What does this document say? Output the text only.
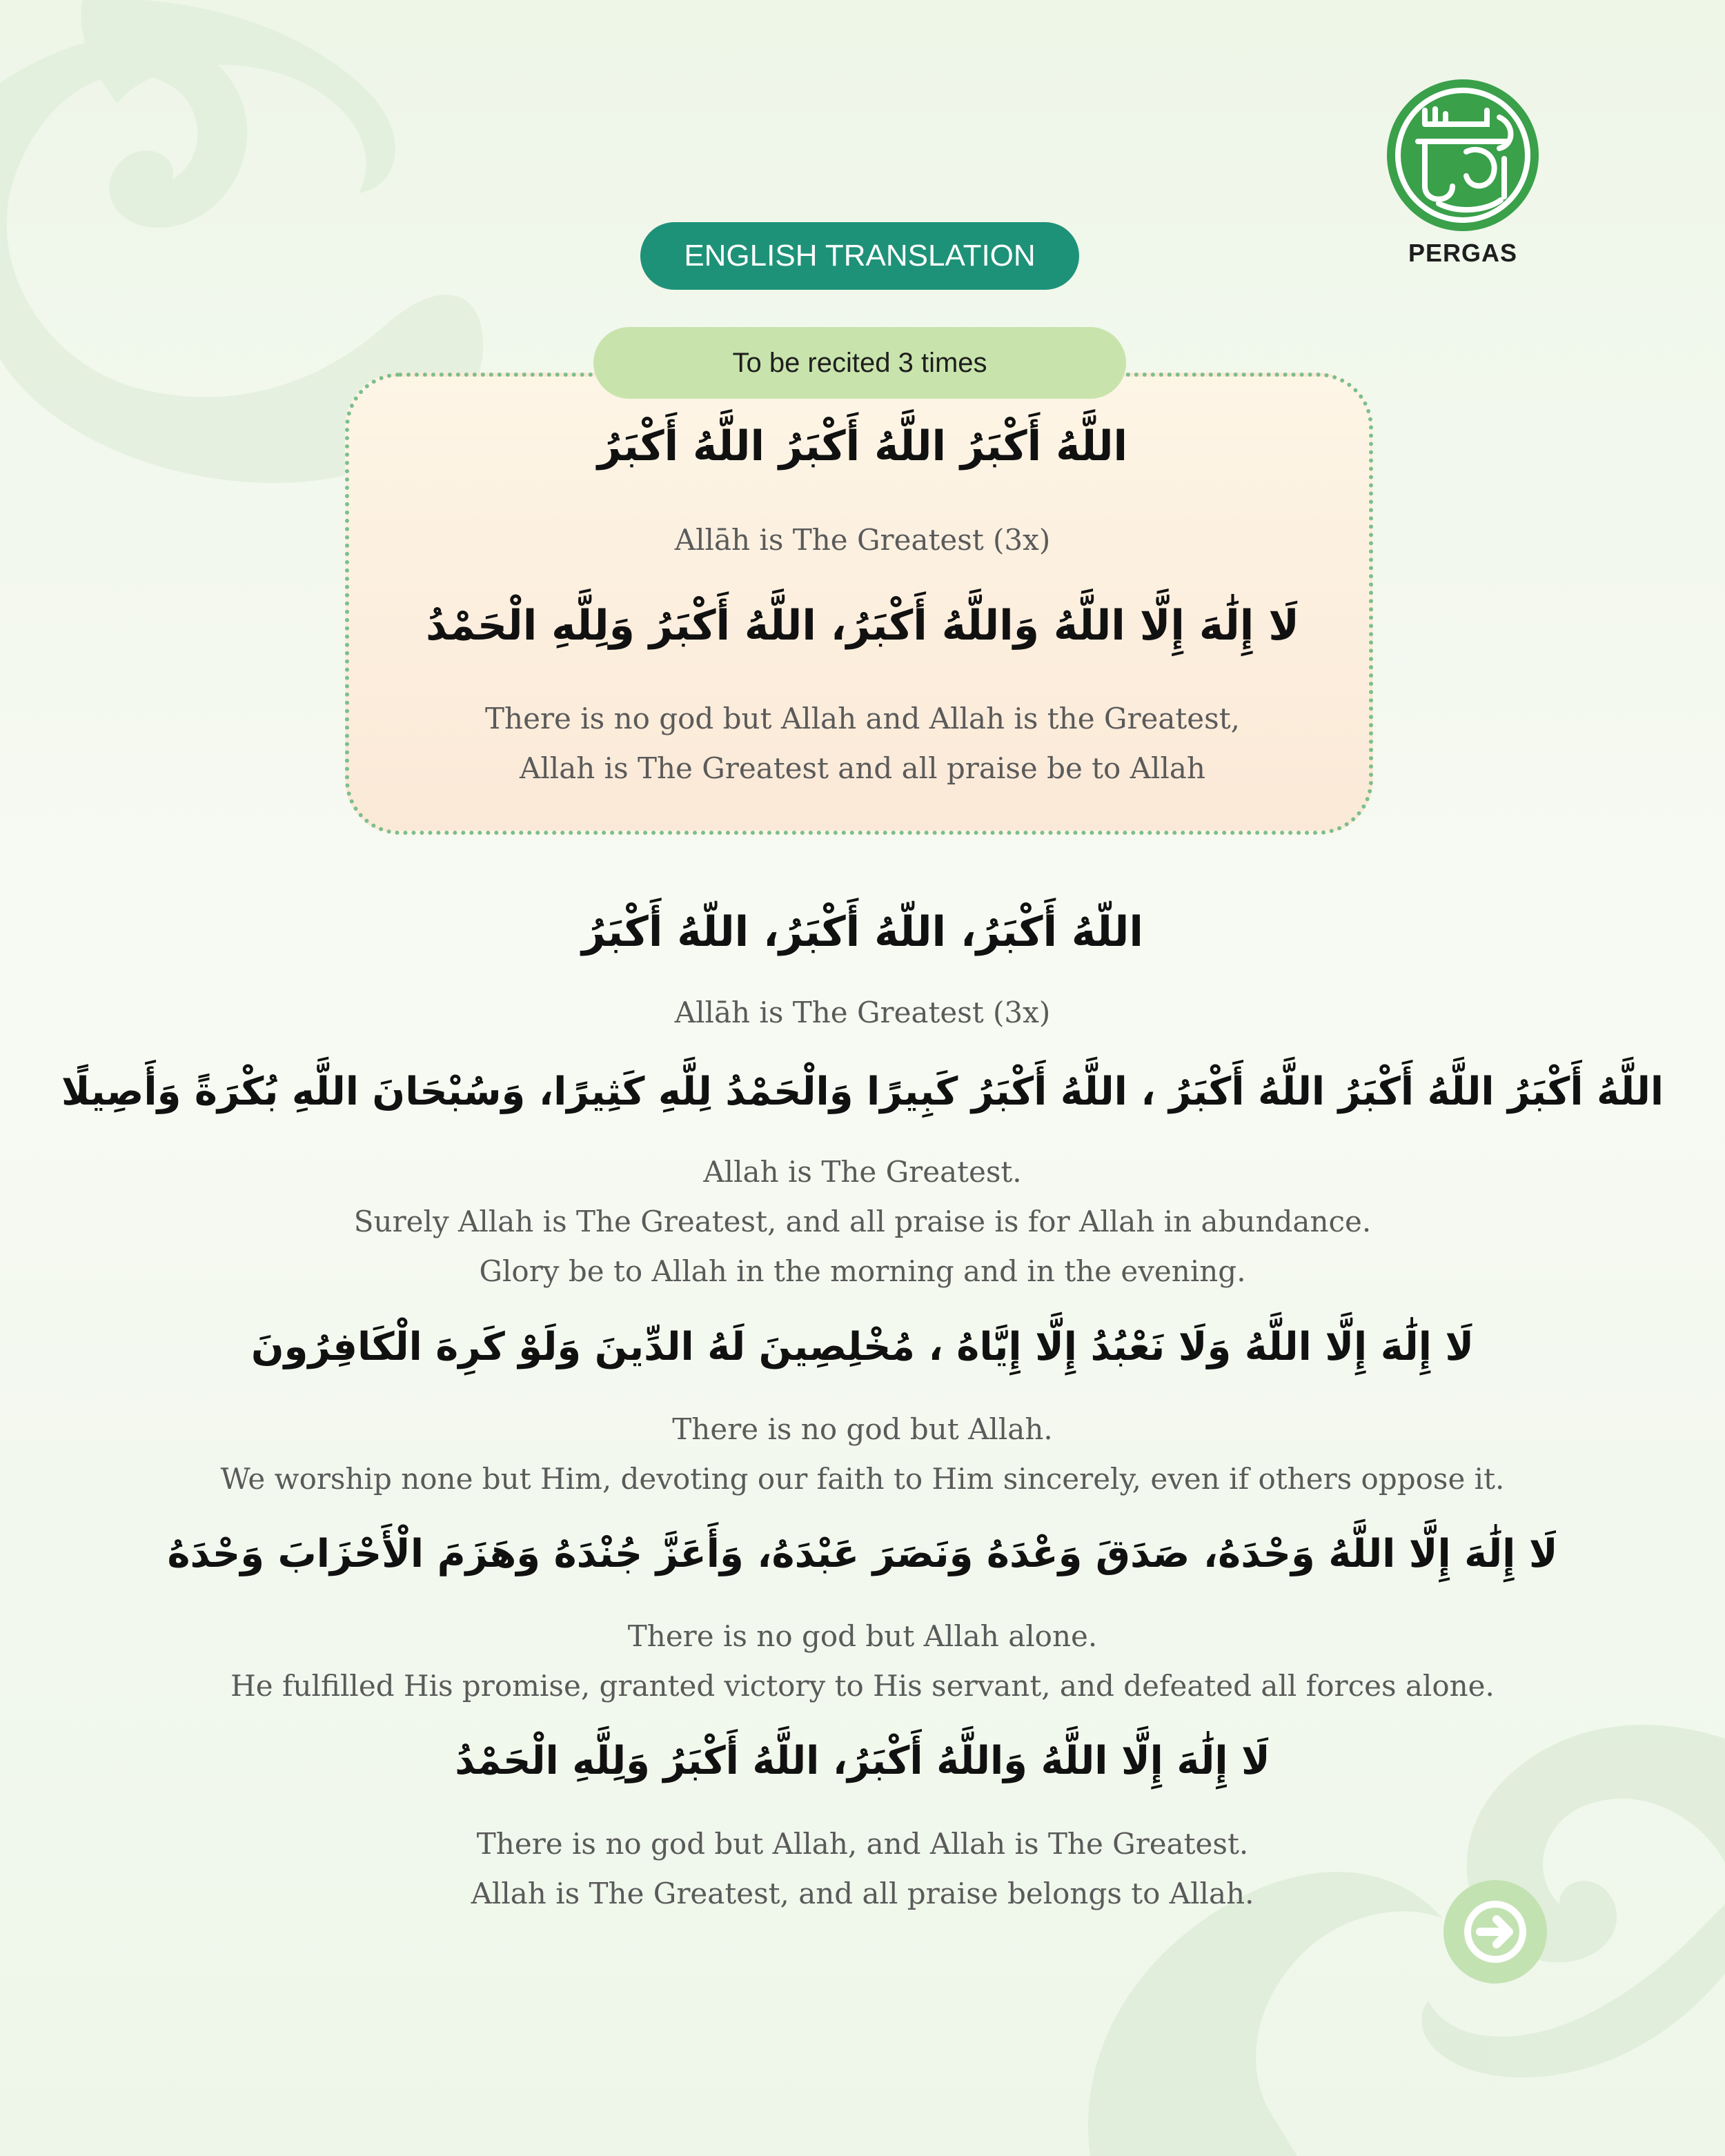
PERGAS
ENGLISH TRANSLATION
To be recited 3 times
اللَّهُ أَكْبَرُ اللَّهُ أَكْبَرُ اللَّهُ أَكْبَرُ
Allāh is The Greatest (3x)
لَا إِلَٰهَ إِلَّا اللَّهُ وَاللَّهُ أَكْبَرُ، اللَّهُ أَكْبَرُ وَلِلَّهِ الْحَمْدُ
There is no god but Allah and Allah is the Greatest,
Allah is The Greatest and all praise be to Allah
اللّهُ أَكْبَرُ، اللّهُ أَكْبَرُ، اللّهُ أَكْبَرُ
Allāh is The Greatest (3x)
اللَّهُ أَكْبَرُ اللَّهُ أَكْبَرُ اللَّهُ أَكْبَرُ ، اللَّهُ أَكْبَرُ كَبِيرًا وَالْحَمْدُ لِلَّهِ كَثِيرًا، وَسُبْحَانَ اللَّهِ بُكْرَةً وَأَصِيلًا
Allah is The Greatest.
Surely Allah is The Greatest, and all praise is for Allah in abundance.
Glory be to Allah in the morning and in the evening.
لَا إِلَٰهَ إِلَّا اللَّهُ وَلَا نَعْبُدُ إِلَّا إِيَّاهُ ، مُخْلِصِينَ لَهُ الدِّينَ وَلَوْ كَرِهَ الْكَافِرُونَ
There is no god but Allah.
We worship none but Him, devoting our faith to Him sincerely, even if others oppose it.
لَا إِلَٰهَ إِلَّا اللَّهُ وَحْدَهُ، صَدَقَ وَعْدَهُ وَنَصَرَ عَبْدَهُ، وَأَعَزَّ جُنْدَهُ وَهَزَمَ الْأَحْزَابَ وَحْدَهُ
There is no god but Allah alone.
He fulfilled His promise, granted victory to His servant, and defeated all forces alone.
لَا إِلَٰهَ إِلَّا اللَّهُ وَاللَّهُ أَكْبَرُ، اللَّهُ أَكْبَرُ وَلِلَّهِ الْحَمْدُ
There is no god but Allah, and Allah is The Greatest.
Allah is The Greatest, and all praise belongs to Allah.
